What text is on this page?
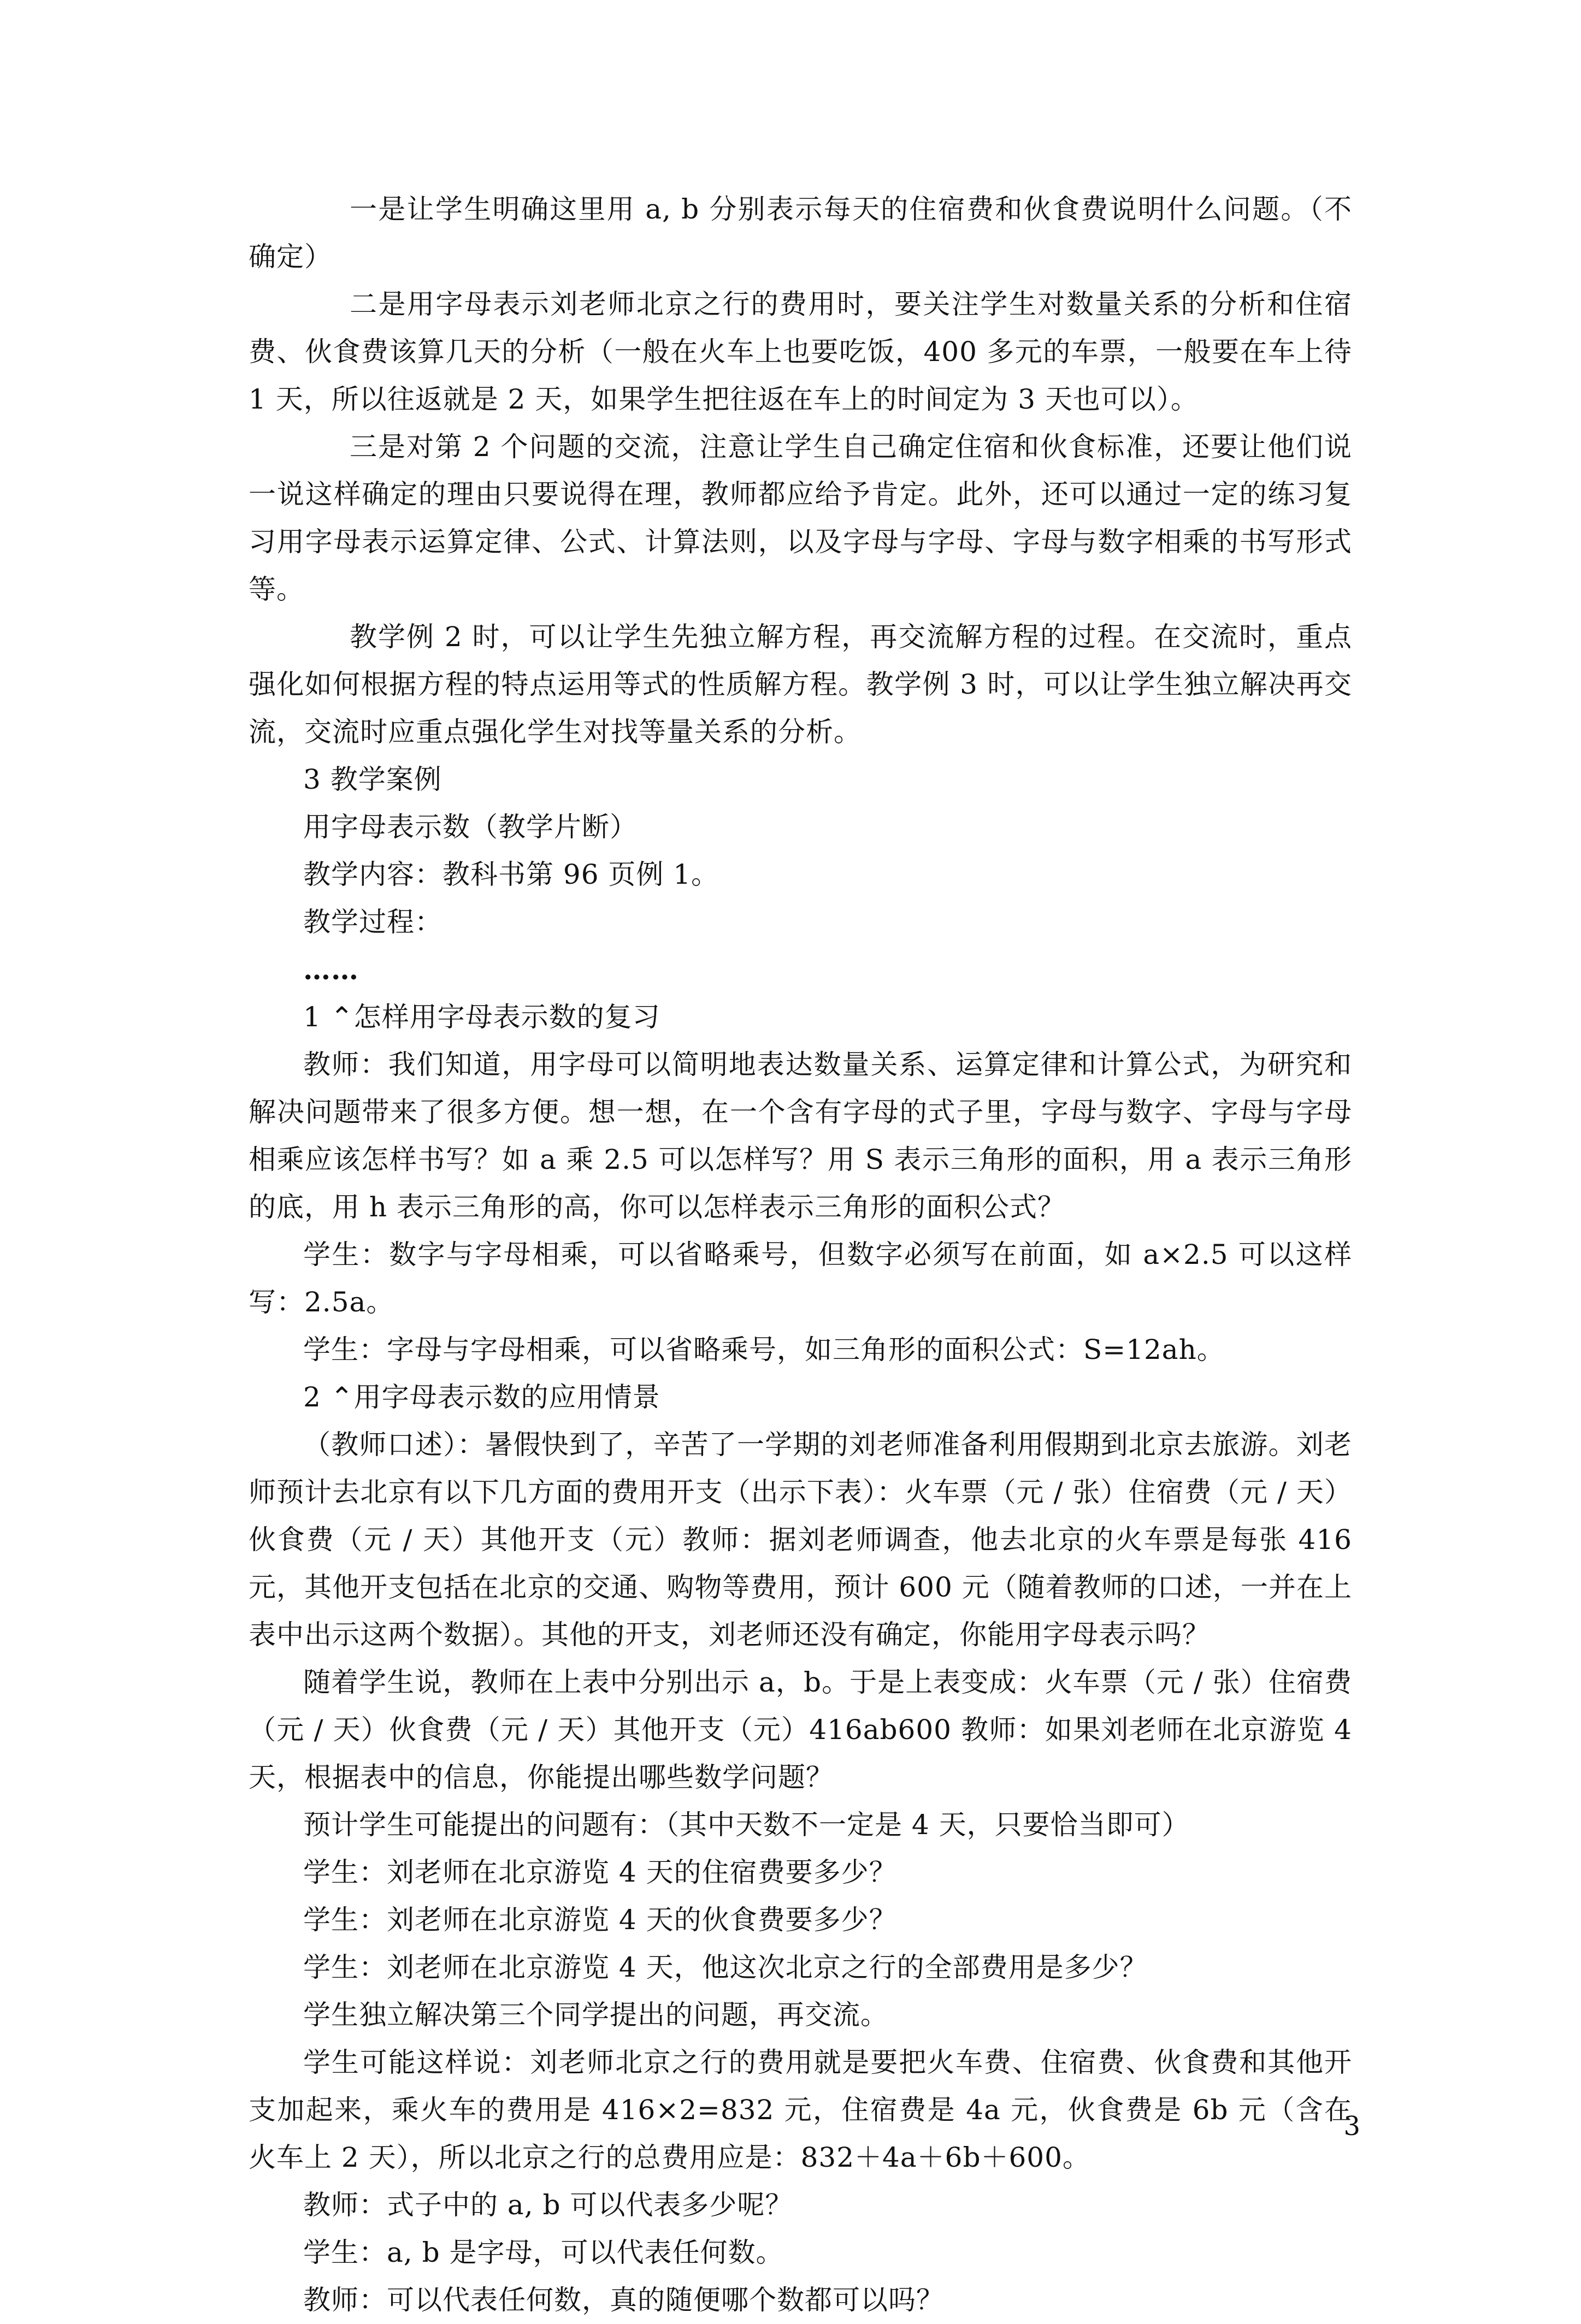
一是让学生明确这里用 a, b 分别表示每天的住宿费和伙食费说明什么问题。（不确定）

二是用字母表示刘老师北京之行的费用时，要关注学生对数量关系的分析和住宿费、伙食费该算几天的分析（一般在火车上也要吃饭，400 多元的车票，一般要在车上待 1 天，所以往返就是 2 天，如果学生把往返在车上的时间定为 3 天也可以）。

三是对第 2 个问题的交流，注意让学生自己确定住宿和伙食标准，还要让他们说一说这样确定的理由只要说得在理，教师都应给予肯定。此外，还可以通过一定的练习复习用字母表示运算定律、公式、计算法则，以及字母与字母、字母与数字相乘的书写形式等。

教学例 2 时，可以让学生先独立解方程，再交流解方程的过程。在交流时，重点强化如何根据方程的特点运用等式的性质解方程。教学例 3 时，可以让学生独立解决再交流，交流时应重点强化学生对找等量关系的分析。

3 教学案例

用字母表示数（教学片断）

教学内容：教科书第 96 页例 1。

教学过程：

……

1 ⌃怎样用字母表示数的复习

教师：我们知道，用字母可以简明地表达数量关系、运算定律和计算公式，为研究和解决问题带来了很多方便。想一想，在一个含有字母的式子里，字母与数字、字母与字母相乘应该怎样书写？如 a 乘 2.5 可以怎样写？用 S 表示三角形的面积，用 a 表示三角形的底，用 h 表示三角形的高，你可以怎样表示三角形的面积公式？

学生：数字与字母相乘，可以省略乘号，但数字必须写在前面，如 a×2.5 可以这样写：2.5a。

学生：字母与字母相乘，可以省略乘号，如三角形的面积公式：S=12ah。

2 ⌃用字母表示数的应用情景

（教师口述）：暑假快到了，辛苦了一学期的刘老师准备利用假期到北京去旅游。刘老师预计去北京有以下几方面的费用开支（出示下表）：火车票（元 / 张）住宿费（元 / 天）伙食费（元 / 天）其他开支（元）教师：据刘老师调查，他去北京的火车票是每张 416 元，其他开支包括在北京的交通、购物等费用，预计 600 元（随着教师的口述，一并在上表中出示这两个数据）。其他的开支，刘老师还没有确定，你能用字母表示吗？

随着学生说，教师在上表中分别出示 a，b。于是上表变成：火车票（元 / 张）住宿费（元 / 天）伙食费（元 / 天）其他开支（元）416ab600 教师：如果刘老师在北京游览 4 天，根据表中的信息，你能提出哪些数学问题？

预计学生可能提出的问题有：（其中天数不一定是 4 天，只要恰当即可）

学生：刘老师在北京游览 4 天的住宿费要多少？

学生：刘老师在北京游览 4 天的伙食费要多少？

学生：刘老师在北京游览 4 天，他这次北京之行的全部费用是多少？

学生独立解决第三个同学提出的问题，再交流。

学生可能这样说：刘老师北京之行的费用就是要把火车费、住宿费、伙食费和其他开支加起来，乘火车的费用是 416×2=832 元，住宿费是 4a 元，伙食费是 6b 元（含在火车上 2 天），所以北京之行的总费用应是：832＋4a＋6b＋600。

教师：式子中的 a, b 可以代表多少呢？

学生：a, b 是字母，可以代表任何数。

教师：可以代表任何数，真的随便哪个数都可以吗？

3
